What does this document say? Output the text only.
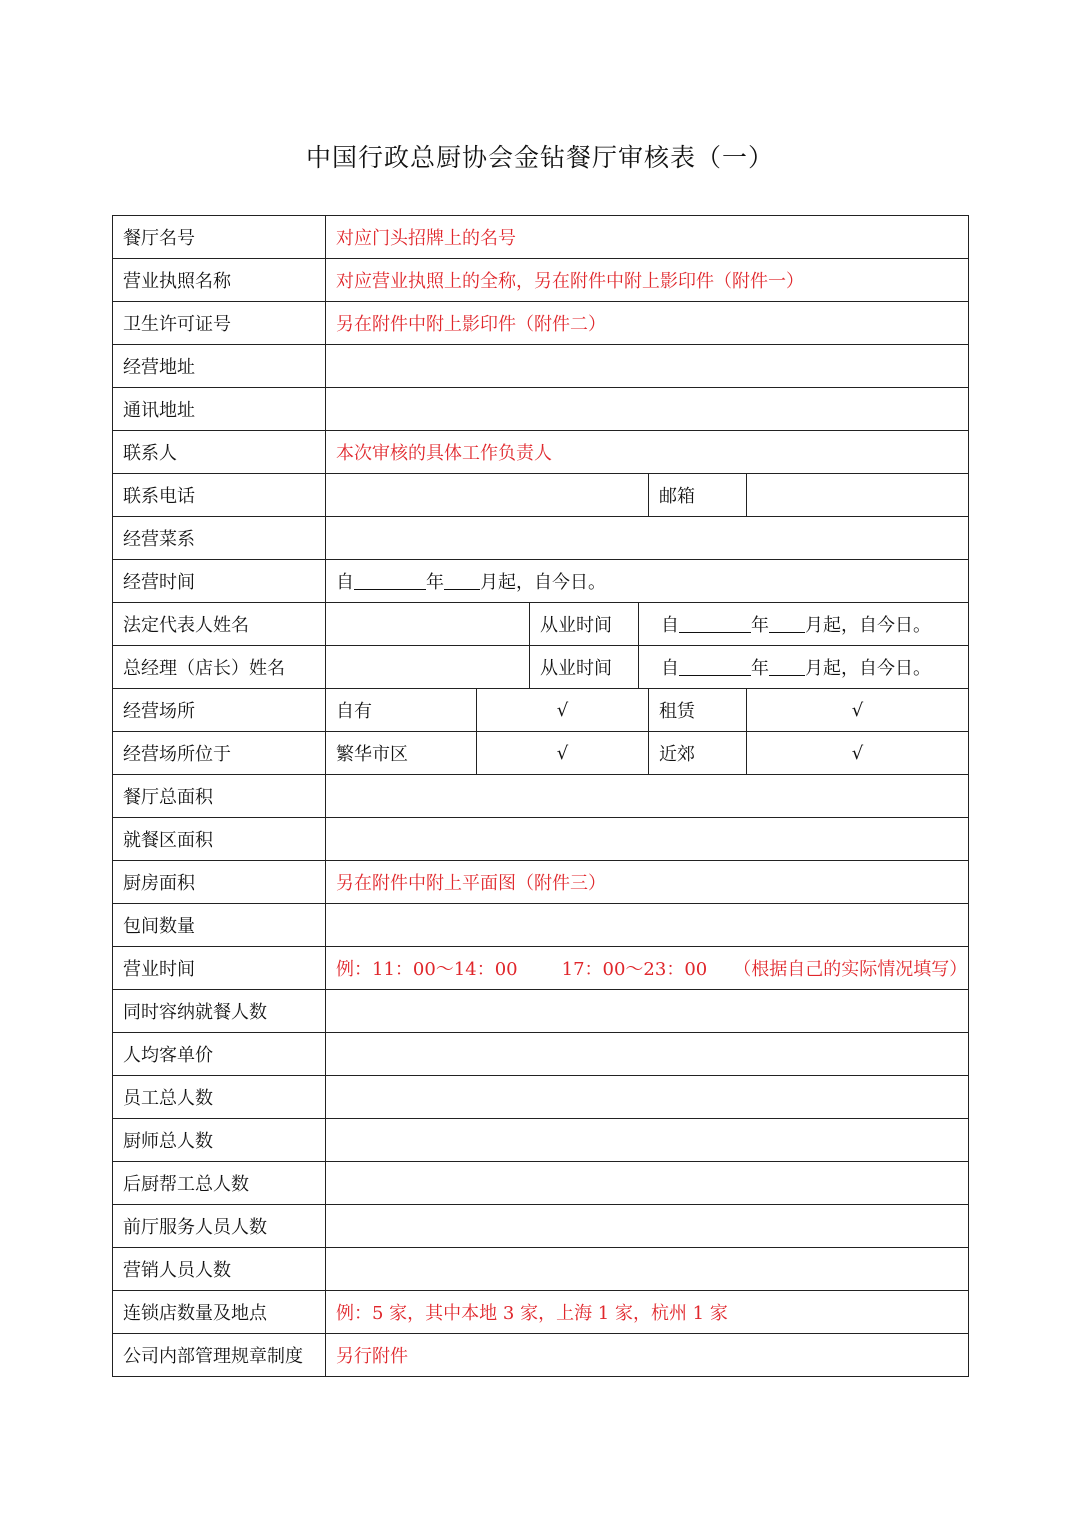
中国行政总厨协会金钻餐厅审核表（一）
餐厅名号	对应门头招牌上的名号					
营业执照名称	对应营业执照上的全称，另在附件中附上影印件（附件一）					
卫生许可证号	另在附件中附上影印件（附件二）					
经营地址						
通讯地址						
联系人	本次审核的具体工作负责人					
联系电话					邮箱	
经营菜系						
经营时间	自 年 月起，自今日。					
法定代表人姓名			从业时间	自 年 月起，自今日。		
总经理（店长）姓名			从业时间	自 年 月起，自今日。		
经营场所	自有	√			租赁	√
经营场所位于	繁华市区	√			近郊	√
餐厅总面积						
就餐区面积						
厨房面积	另在附件中附上平面图（附件三）					
包间数量						
营业时间	例：11：00～14：00 17：00～23：00 （根据自己的实际情况填写）					
同时容纳就餐人数						
人均客单价						
员工总人数						
厨师总人数						
后厨帮工总人数						
前厅服务人员人数						
营销人员人数						
连锁店数量及地点	例：5 家，其中本地 3 家，上海 1 家，杭州 1 家					
公司内部管理规章制度	另行附件					
